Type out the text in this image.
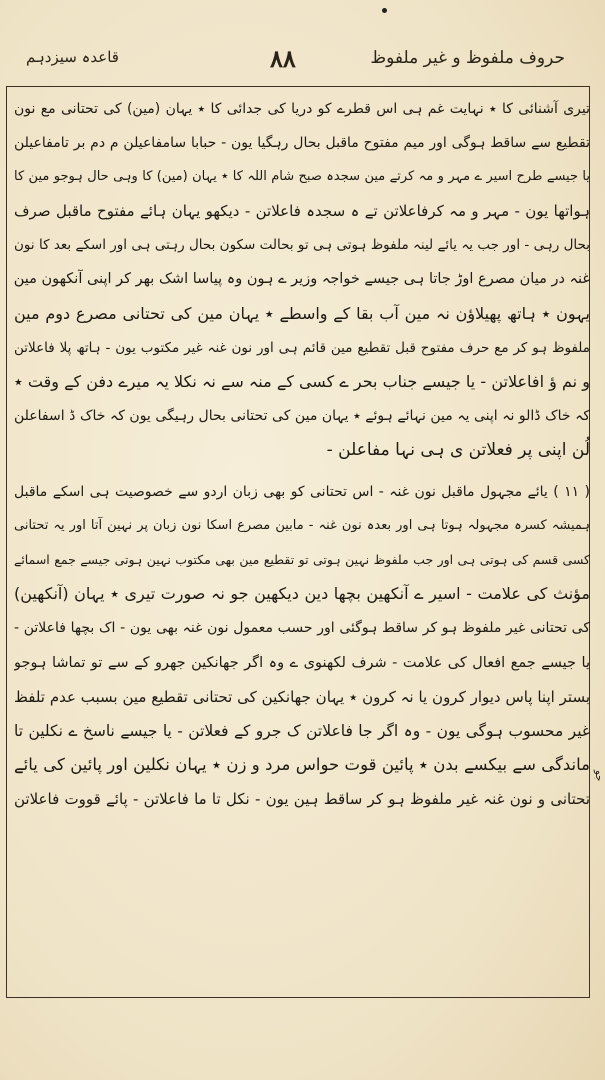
حروف ملفوظ و غیر ملفوظ
۸۸
قاعدہ سیزدہم
تیری آشنائی کا ٭ نہایت غم ہی اس قطرے کو دریا کی جدائی کا ٭ یہان (مین) کی تحتانی مع نون
تقطیع سے ساقط ہوگی اور میم مفتوح ماقبل بحال رہگیا یون - حبابا سامفاعیلن م دم بر تامفاعیلن
یا جیسے طرح اسیر ے مہر و مہ کرتے مین سجدہ صبح شام اللہ کا ٭ یہان (مین) کا وہی حال ہوجو مین کا
ہواتھا یون - مہر و مہ کرفاعلاتن تے ہ سجدہ فاعلاتن - دیکھو یہان ہائے مفتوح ماقبل صرف
بحال رہی - اور جب یہ یائے لینہ ملفوظ ہوتی ہی تو بحالت سکون بحال رہتی ہی اور اسکے بعد کا نون
غنہ در میان مصرع اوڑ جاتا ہی جیسے خواجہ وزیر ے ہون وہ پیاسا اشک بھر کر اپنی آنکھون مین
یہون ٭ ہاتھ پھیلاؤن نہ مین آب بقا کے واسطے ٭ یہان مین کی تحتانی مصرع دوم مین
ملفوظ ہو کر مع حرف مفتوح قبل تقطیع مین قائم ہی اور نون غنہ غیر مکتوب یون - ہاتھ پلا فاعلاتن
و نم ؤ افاعلاتن - یا جیسے جناب بحر ے کسی کے منہ سے نہ نکلا یہ میرے دفن کے وقت ٭
کہ خاک ڈالو نہ اپنی یہ مین نہائے ہوئے ٭ یہان مین کی تحتانی بحال رہیگی یون کہ خاک ڈ اسفاعلن
لُن اپنی پر فعلاتن ی ہی نہا مفاعلن -
( ۱۱ ) یائے مجہول ماقبل نون غنہ - اس تحتانی کو بھی زبان اردو سے خصوصیت ہی اسکے ماقبل
ہمیشہ کسرہ مجہولہ ہوتا ہی اور بعدہ نون غنہ - مابین مصرع اسکا نون زبان پر نہین آتا اور یہ تحتانی
کسی قسم کی ہوتی ہی اور جب ملفوظ نہین ہوتی تو تقطیع مین بھی مکتوب نہین ہوتی جیسے جمع اسمائے
مؤنث کی علامت - اسیر ے آنکھین بچھا دین دیکھین جو نہ صورت تیری ٭ یہان (آنکھین)
کی تحتانی غیر ملفوظ ہو کر ساقط ہوگئی اور حسب معمول نون غنہ بھی یون - اک بچھا فاعلاتن -
یا جیسے جمع افعال کی علامت - شرف لکھنوی ے وہ اگر جھانکین جھرو کے سے تو تماشا ہوجو
بستر اپنا پاس دیوار کرون یا نہ کرون ٭ یہان جھانکین کی تحتانی تقطیع مین بسبب عدم تلفظ
غیر محسوب ہوگی یون - وہ اگر جا فاعلاتن ک جرو کے فعلاتن - یا جیسے ناسخ ے نکلین تا
ماندگی سے بیکسے بدن ٭ پائین قوت حواس مرد و زن ٭ یہان نکلین اور پائین کی یائے
تحتانی و نون غنہ غیر ملفوظ ہو کر ساقط ہین یون - نکل تا ما فاعلاتن - پائے قووت فاعلاتن
جو
